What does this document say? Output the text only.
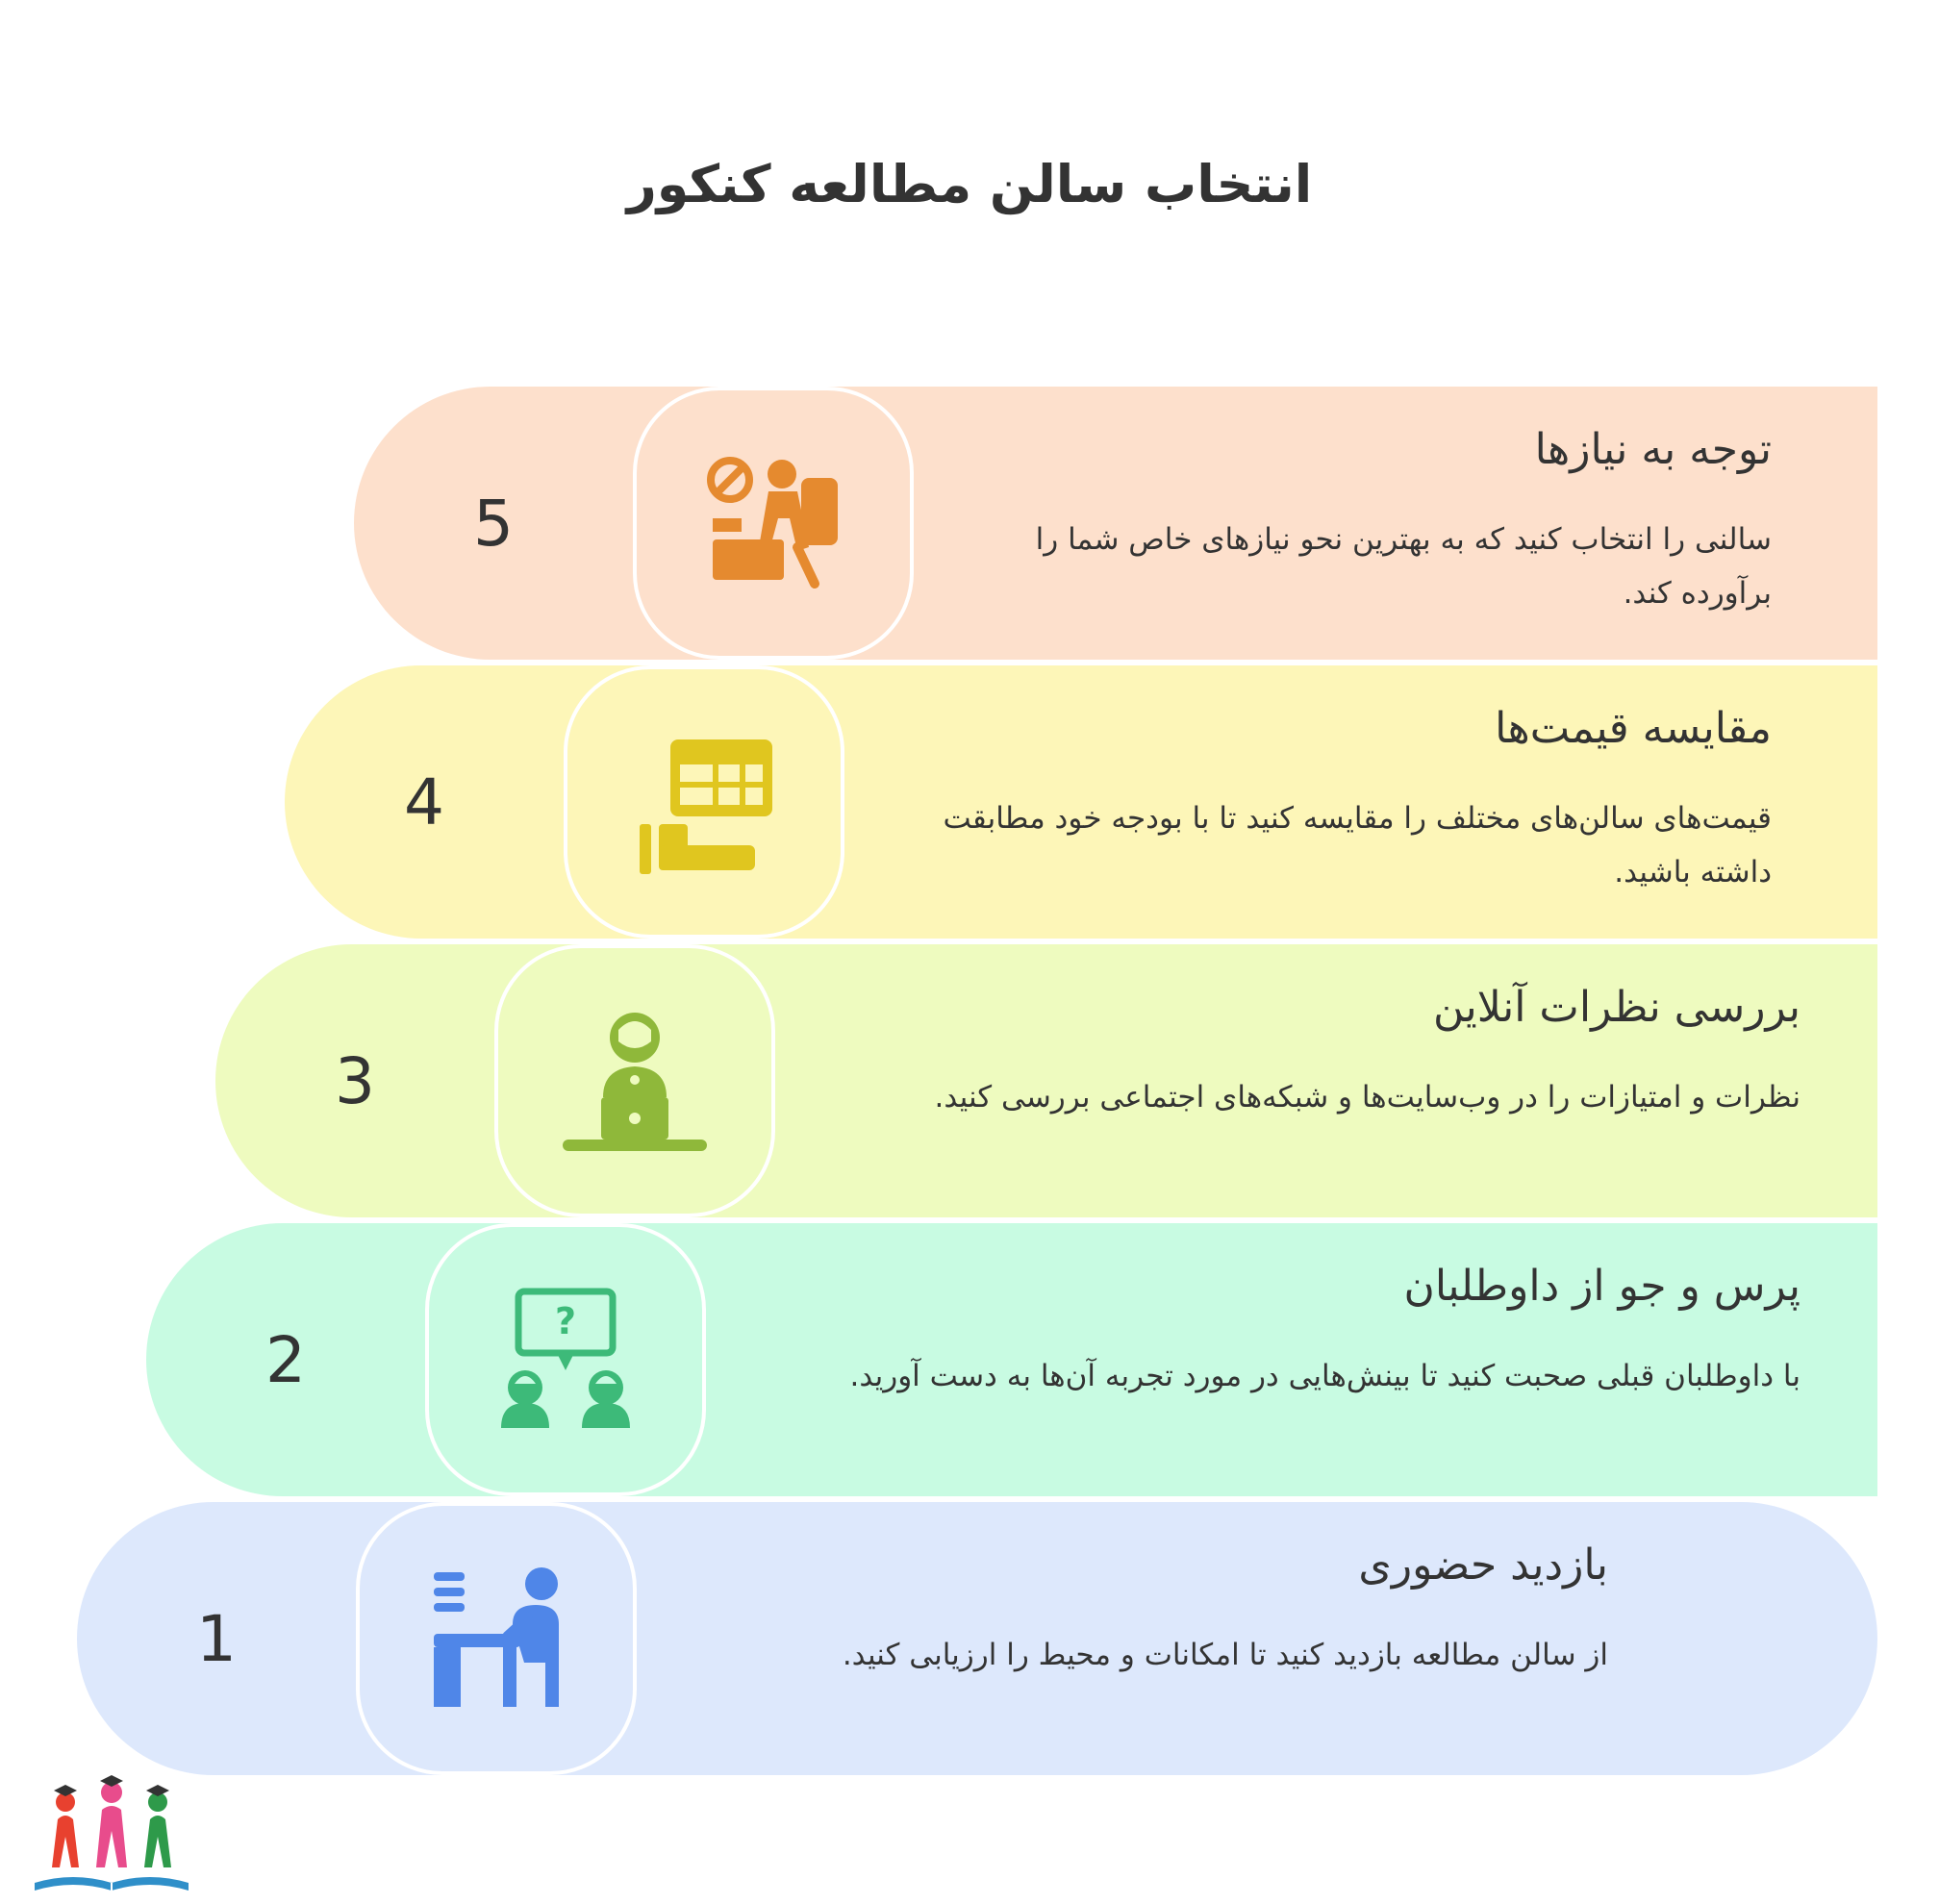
انتخاب سالن مطالعه کنکور
5
توجه به نیازها

سالنی را انتخاب کنید که به بهترین نحو نیازهای خاص شما را برآورده کند.

4
مقایسه قیمت‌ها

قیمت‌های سالن‌های مختلف را مقایسه کنید تا با بودجه خود مطابقت داشته باشید.

3
بررسی نظرات آنلاین

نظرات و امتیازات را در وب‌سایت‌ها و شبکه‌های اجتماعی بررسی کنید.

2
?
پرس و جو از داوطلبان

با داوطلبان قبلی صحبت کنید تا بینش‌هایی در مورد تجربه آن‌ها به دست آورید.

1
بازدید حضوری

از سالن مطالعه بازدید کنید تا امکانات و محیط را ارزیابی کنید.
